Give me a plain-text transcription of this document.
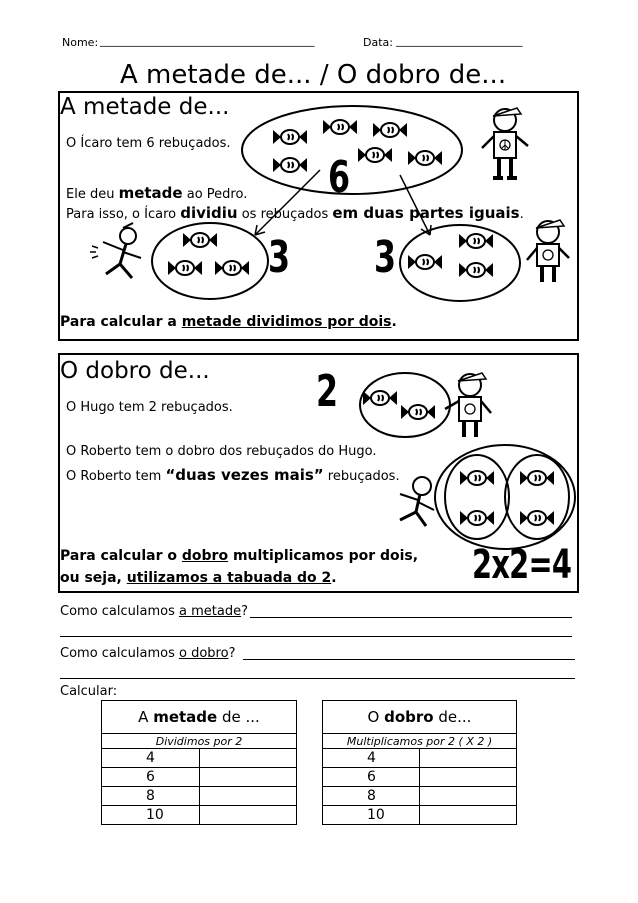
Nome: _______________________________________	Data: _______________________
A metade de... / O dobro de...
A metade de...
O Ícaro tem 6 rebuçados.
Ele deu metade ao Pedro.
Para isso, o Ícaro dividiu os rebuçados em duas partes iguais.
Para calcular a metade dividimos por dois.
6
3 3
O dobro de...
O Hugo tem 2 rebuçados.
O Roberto tem o dobro dos rebuçados do Hugo.
O Roberto tem “duas vezes mais” rebuçados.
Para calcular o dobro multiplicamos por dois,
ou seja, utilizamos a tabuada do 2.
2
2x2=4
Como calculamos a metade?
Como calculamos o dobro?
Calcular:
A metade de ...	
Dividimos por 2	
4	
6	
8	
10	
O dobro de...	
Multiplicamos por 2 ( X 2 )	
4	
6	
8	
10	
